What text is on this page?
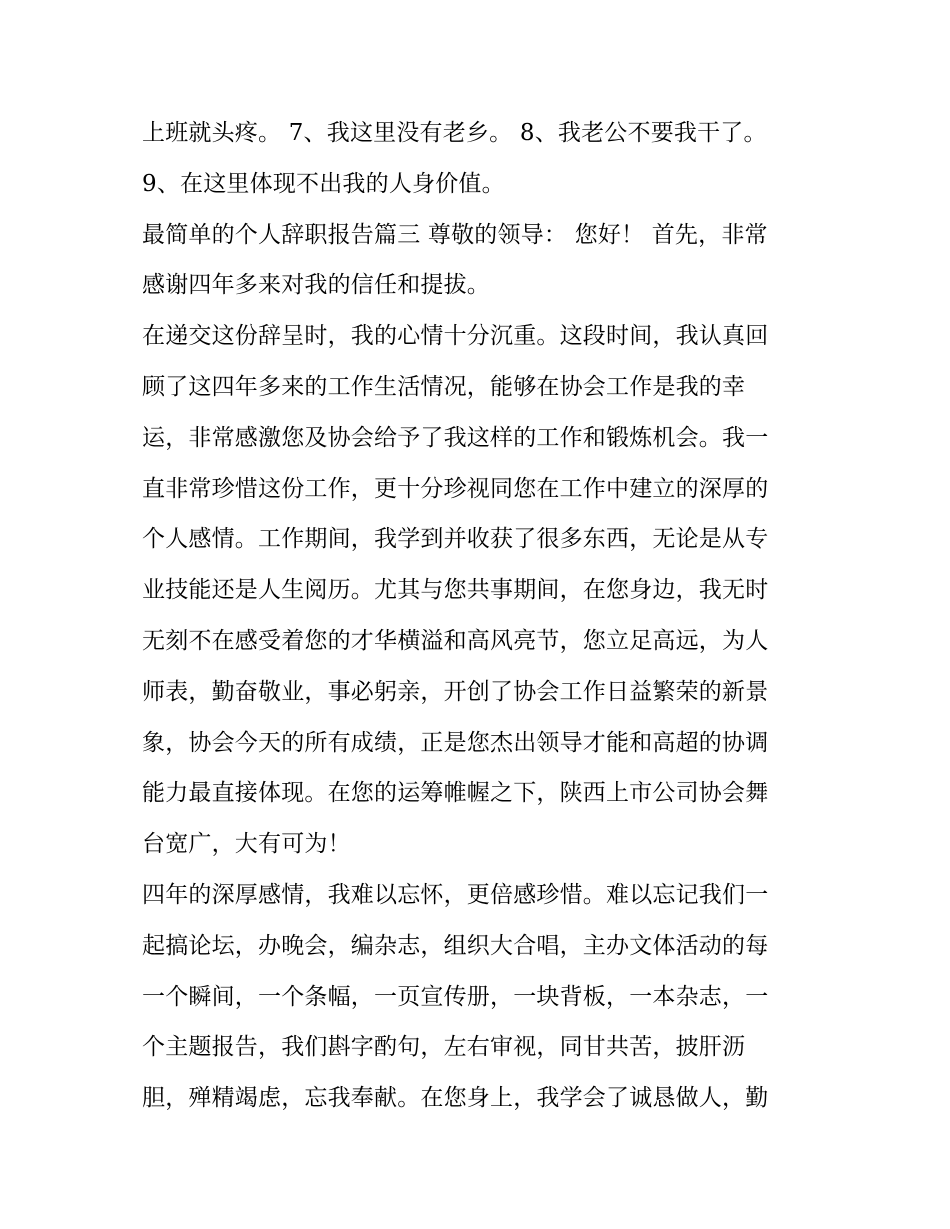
上班就头疼。 7、我这里没有老乡。 8、我老公不要我干了。
9、在这里体现不出我的人身价值。
最简单的个人辞职报告篇三 尊敬的领导： 您好！ 首先，非常
感谢四年多来对我的信任和提拔。
在递交这份辞呈时，我的心情十分沉重。这段时间，我认真回
顾了这四年多来的工作生活情况，能够在协会工作是我的幸
运，非常感激您及协会给予了我这样的工作和锻炼机会。我一
直非常珍惜这份工作，更十分珍视同您在工作中建立的深厚的
个人感情。工作期间，我学到并收获了很多东西，无论是从专
业技能还是人生阅历。尤其与您共事期间，在您身边，我无时
无刻不在感受着您的才华横溢和高风亮节，您立足高远，为人
师表，勤奋敬业，事必躬亲，开创了协会工作日益繁荣的新景
象，协会今天的所有成绩，正是您杰出领导才能和高超的协调
能力最直接体现。在您的运筹帷幄之下，陕西上市公司协会舞
台宽广，大有可为！
四年的深厚感情，我难以忘怀，更倍感珍惜。难以忘记我们一
起搞论坛，办晚会，编杂志，组织大合唱，主办文体活动的每
一个瞬间，一个条幅，一页宣传册，一块背板，一本杂志，一
个主题报告，我们斟字酌句，左右审视，同甘共苦，披肝沥
胆，殚精竭虑，忘我奉献。在您身上，我学会了诚恳做人，勤
